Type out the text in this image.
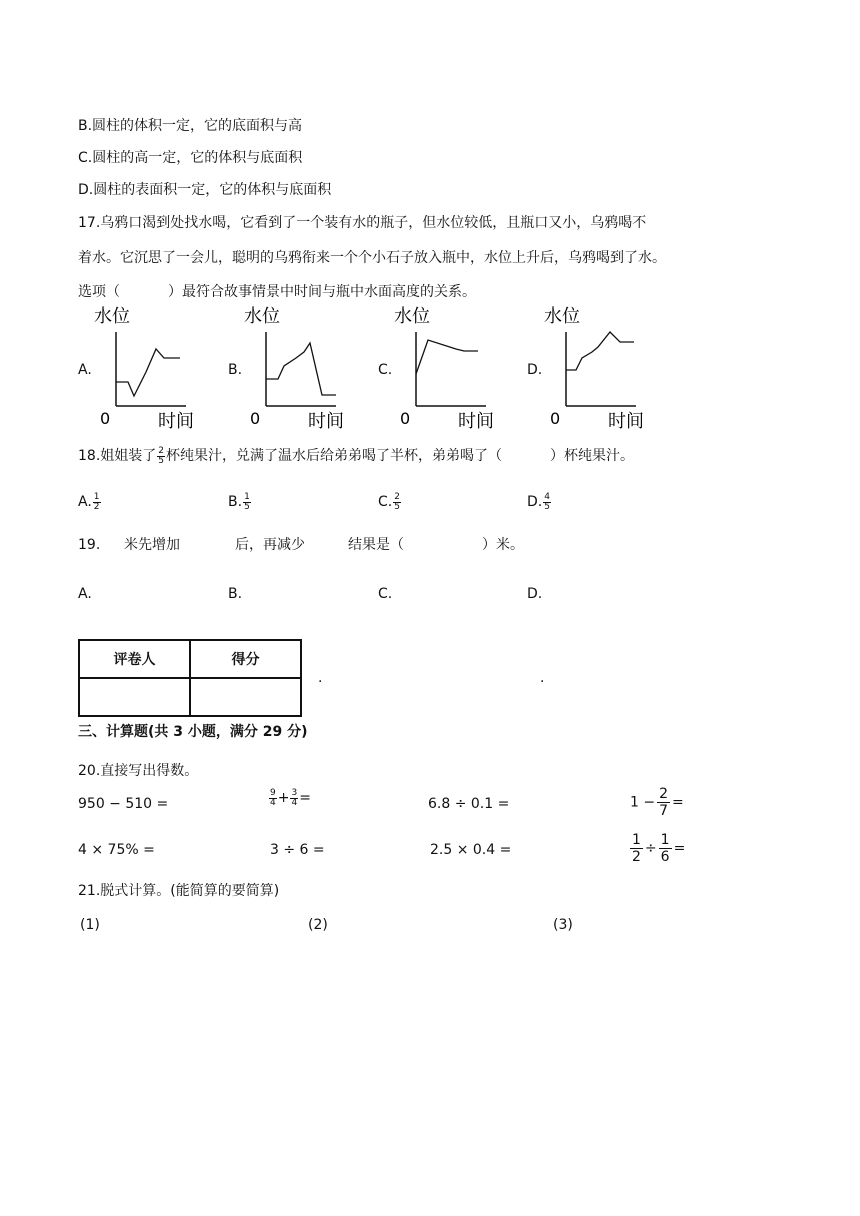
B.圆柱的体积一定，它的底面积与高
C.圆柱的高一定，它的体积与底面积
D.圆柱的表面积一定，它的体积与底面积
17.乌鸦口渴到处找水喝，它看到了一个装有水的瓶子，但水位较低，且瓶口又小，乌鸦喝不
着水。它沉思了一会儿，聪明的乌鸦衔来一个个小石子放入瓶中，水位上升后，乌鸦喝到了水。
选项（	）最符合故事情景中时间与瓶中水面高度的关系。
A.	B.	C.	D.
水位
0	时间
水位
0	时间
水位
0	时间
水位
0	时间
18.姐姐装了 $\frac{2}{5}$ 杯纯果汁，兑满了温水后给弟弟喝了半杯，弟弟喝了（	）杯纯果汁。
A. $\frac{1}{2}$	B. $\frac{1}{5}$	C. $\frac{2}{5}$	D. $\frac{4}{5}$
19. 米先增加	后，再减少	结果是（	）米。
A.	B.	C.	D.
评卷人	得分

.	.
三、计算题(共 3 小题，满分 29 分)
20.直接写出得数。
950 − 510 =	$\frac{9}{4} + \frac{3}{4}$ =	6.8 ÷ 0.1 =	$1 - \frac{2}{7}$ =
4 × 75% =	3 ÷ 6 =	2.5 × 0.4 =	$\frac{1}{2} \div \frac{1}{6}$ =
21.脱式计算。(能简算的要简算)
(1)	(2)	(3)
